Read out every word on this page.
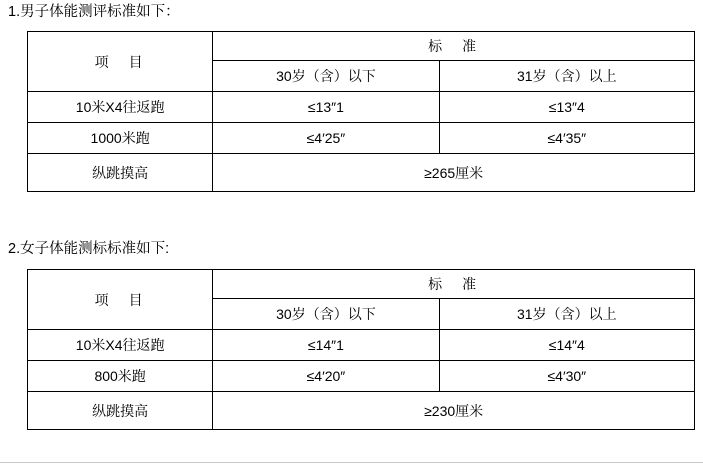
1.男子体能测评标准如下：
项　目	标　准	
	30岁（含）以下	31岁（含）以上
10米X4往返跑	≤13″1	≤13″4
1000米跑	≤4′25″	≤4′35″
纵跳摸高	≥265厘米	
2.女子体能测标标准如下:
项　目	标　准	
	30岁（含）以下	31岁（含）以上
10米X4往返跑	≤14″1	≤14″4
800米跑	≤4′20″	≤4′30″
纵跳摸高	≥230厘米	
